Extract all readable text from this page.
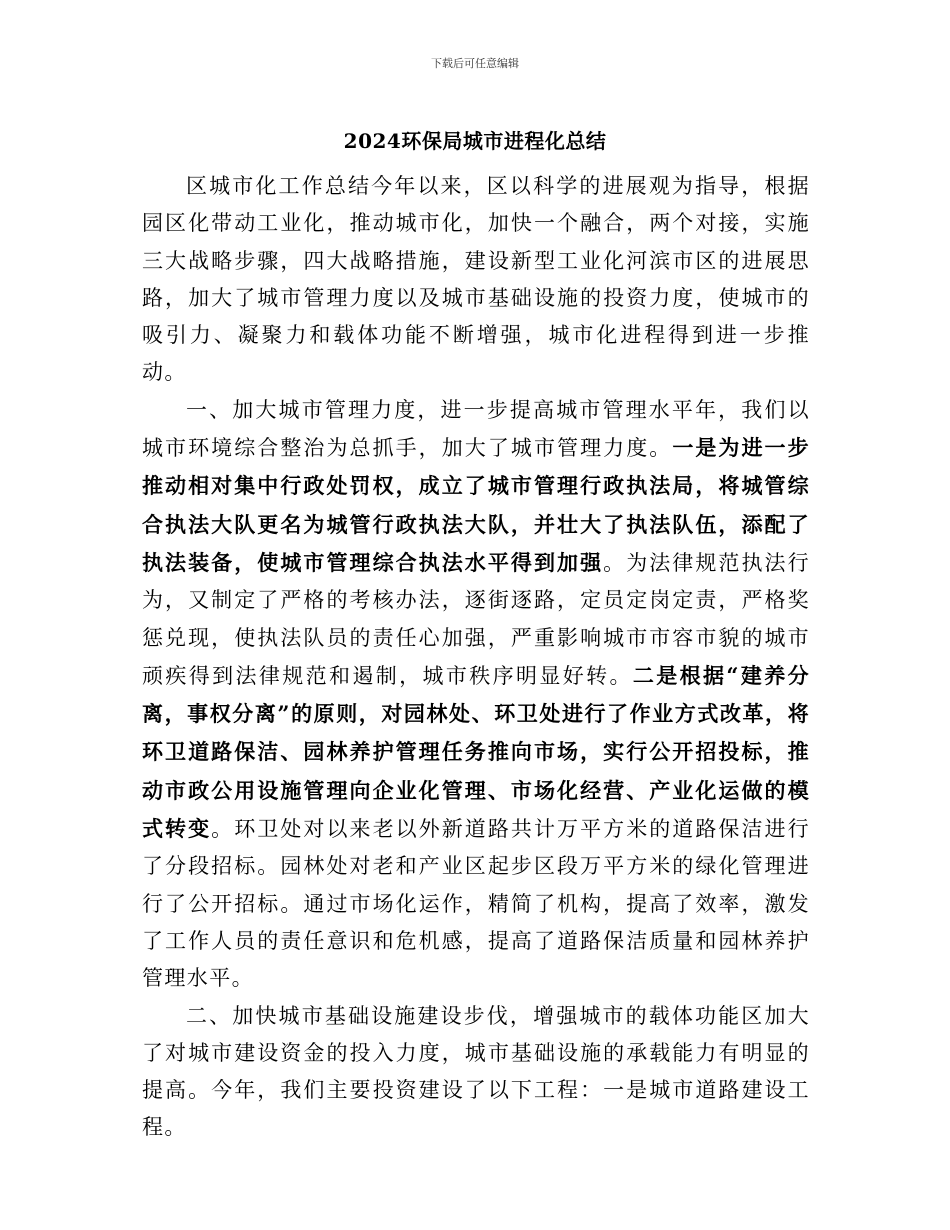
下载后可任意编辑
2024环保局城市进程化总结

区城市化工作总结今年以来，区以科学的进展观为指导，根据园区化带动工业化，推动城市化，加快一个融合，两个对接，实施三大战略步骤，四大战略措施，建设新型工业化河滨市区的进展思路，加大了城市管理力度以及城市基础设施的投资力度，使城市的吸引力、凝聚力和载体功能不断增强，城市化进程得到进一步推动。

一、加大城市管理力度，进一步提高城市管理水平年，我们以城市环境综合整治为总抓手，加大了城市管理力度。一是为进一步推动相对集中行政处罚权，成立了城市管理行政执法局，将城管综合执法大队更名为城管行政执法大队，并壮大了执法队伍，添配了执法装备，使城市管理综合执法水平得到加强。为法律规范执法行为，又制定了严格的考核办法，逐街逐路，定员定岗定责，严格奖惩兑现，使执法队员的责任心加强，严重影响城市市容市貌的城市顽疾得到法律规范和遏制，城市秩序明显好转。二是根据“建养分离，事权分离”的原则，对园林处、环卫处进行了作业方式改革，将环卫道路保洁、园林养护管理任务推向市场，实行公开招投标，推动市政公用设施管理向企业化管理、市场化经营、产业化运做的模式转变。环卫处对以来老以外新道路共计万平方米的道路保洁进行了分段招标。园林处对老和产业区起步区段万平方米的绿化管理进行了公开招标。通过市场化运作，精简了机构，提高了效率，激发了工作人员的责任意识和危机感，提高了道路保洁质量和园林养护管理水平。

二、加快城市基础设施建设步伐，增强城市的载体功能区加大了对城市建设资金的投入力度，城市基础设施的承载能力有明显的提高。今年，我们主要投资建设了以下工程：一是城市道路建设工程。
